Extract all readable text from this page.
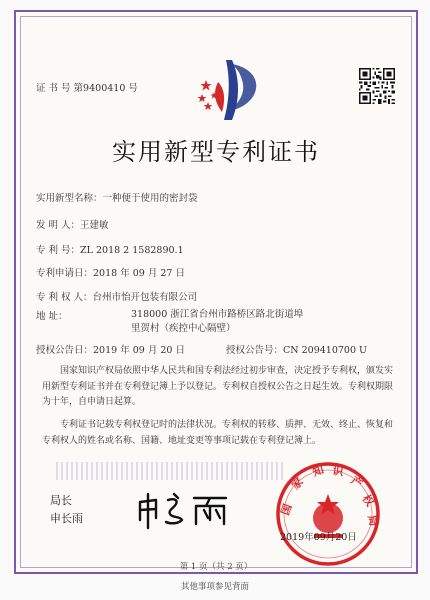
证 书 号 第9400410 号
实用新型专利证书
实用新型名称：一种便于使用的密封袋
发 明 人：王建敏
专 利 号：ZL 2018 2 1582890.1
专利申请日：2018 年 09 月 27 日
专 利 权 人：台州市怡开包装有限公司
地 址：	318000 浙江省台州市路桥区路北街道埠里贺村（疾控中心隔壁）
授权公告日：2019 年 09 月 20 日	授权公告号：CN 209410700 U
国家知识产权局依照中华人民共和国专利法经过初步审查，决定授予专利权，颁发实用新型专利证书并在专利登记簿上予以登记。专利权自授权公告之日起生效。专利权期限为十年，自申请日起算。
专利证书记载专利权登记时的法律状况。专利权的转移、质押、无效、终止、恢复和专利权人的姓名或名称、国籍、地址变更等事项记载在专利登记簿上。
局长
申长雨
国
家
知 识
产
权
局
2019年09月20日
第 1 页（共 2 页）
其他事项参见背面
